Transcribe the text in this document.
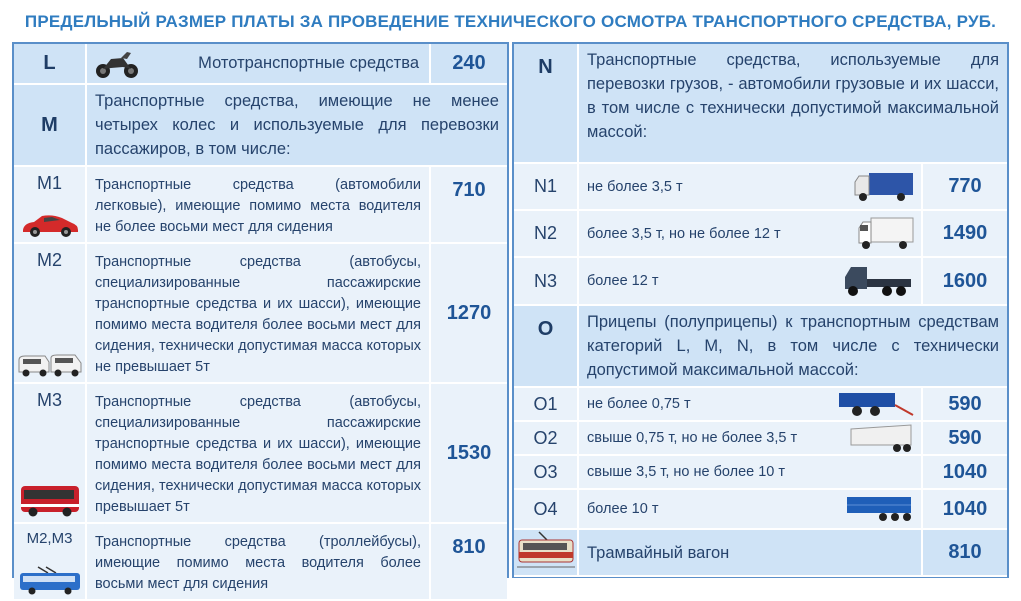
ПРЕДЕЛЬНЫЙ РАЗМЕР ПЛАТЫ ЗА ПРОВЕДЕНИЕ ТЕХНИЧЕСКОГО ОСМОТРА ТРАНСПОРТНОГО СРЕДСТВА, РУБ.
L	Мототранспортные средства	240
M	Транспортные средства, имеющие не менее четырех колес и используемые для перевозки пассажиров, в том числе:	

M1	Транспортные средства (автомобили легковые), имеющие помимо места водителя не более восьми мест для сидения	710

M2	Транспортные средства (автобусы, специализированные пассажирские транспортные средства и их шасси), имеющие помимо места водителя более восьми мест для сидения, технически допустимая масса которых не превышает 5т	1270

M3	Транспортные средства (автобусы, специализированные пассажирские транспортные средства и их шасси), имеющие помимо места водителя более восьми мест для сидения, технически допустимая масса которых превышает 5т	1530

M2,M3	Транспортные средства (троллейбусы), имеющие помимо места водителя более восьми мест для сидения	810
N	Транспортные средства, используемые для перевозки грузов, - автомобили грузовые и их шасси, в том числе с технически допустимой максимальной массой:	
N1	не более 3,5 т	770
N2	более 3,5 т, но не более 12 т	1490
N3	более 12 т	1600
O	Прицепы (полуприцепы) к транспортным средствам категорий L, M, N, в том числе с технически допустимой максимальной массой:	
O1	не более 0,75 т	590
O2	свыше 0,75 т, но не более 3,5 т	590
O3	свыше 3,5 т, но не более 10 т	1040
O4	более 10 т	1040
	Трамвайный вагон	810
